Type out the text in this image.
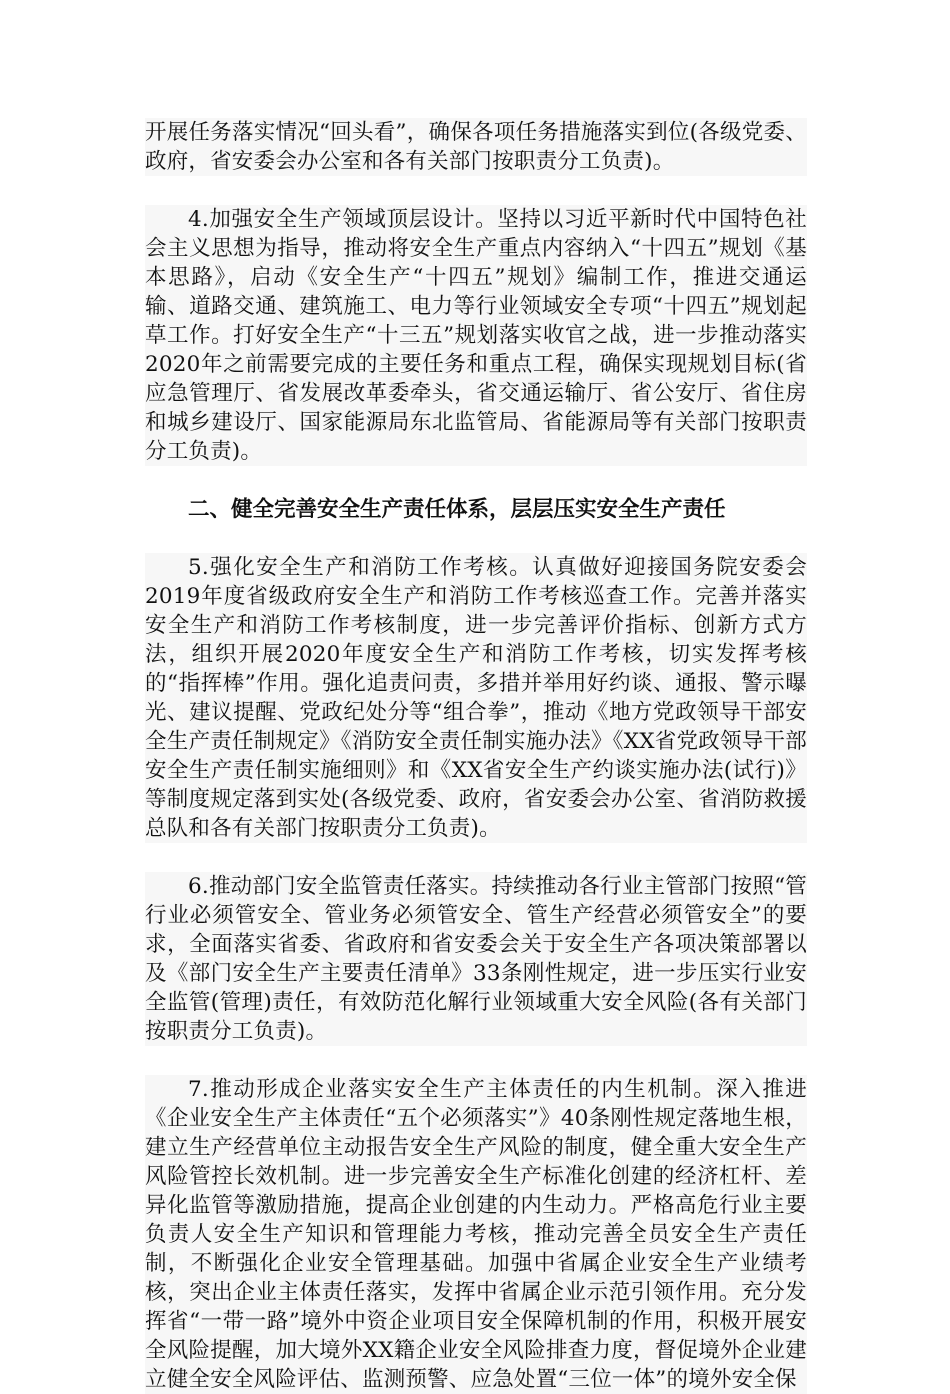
开展任务落实情况“回头看”，确保各项任务措施落实到位(各级党委、政府，省安委会办公室和各有关部门按职责分工负责)。

4.加强安全生产领域顶层设计。坚持以习近平新时代中国特色社会主义思想为指导，推动将安全生产重点内容纳入“十四五”规划《基本思路》，启动《安全生产“十四五”规划》编制工作，推进交通运输、道路交通、建筑施工、电力等行业领域安全专项“十四五”规划起草工作。打好安全生产“十三五”规划落实收官之战，进一步推动落实2020年之前需要完成的主要任务和重点工程，确保实现规划目标(省应急管理厅、省发展改革委牵头，省交通运输厅、省公安厅、省住房和城乡建设厅、国家能源局东北监管局、省能源局等有关部门按职责分工负责)。

二、健全完善安全生产责任体系，层层压实安全生产责任

5.强化安全生产和消防工作考核。认真做好迎接国务院安委会2019年度省级政府安全生产和消防工作考核巡查工作。完善并落实安全生产和消防工作考核制度，进一步完善评价指标、创新方式方法，组织开展2020年度安全生产和消防工作考核，切实发挥考核的“指挥棒”作用。强化追责问责，多措并举用好约谈、通报、警示曝光、建议提醒、党政纪处分等“组合拳”，推动《地方党政领导干部安全生产责任制规定》《消防安全责任制实施办法》《XX省党政领导干部安全生产责任制实施细则》和《XX省安全生产约谈实施办法(试行)》等制度规定落到实处(各级党委、政府，省安委会办公室、省消防救援总队和各有关部门按职责分工负责)。

6.推动部门安全监管责任落实。持续推动各行业主管部门按照“管行业必须管安全、管业务必须管安全、管生产经营必须管安全”的要求，全面落实省委、省政府和省安委会关于安全生产各项决策部署以及《部门安全生产主要责任清单》33条刚性规定，进一步压实行业安全监管(管理)责任，有效防范化解行业领域重大安全风险(各有关部门按职责分工负责)。

7.推动形成企业落实安全生产主体责任的内生机制。深入推进《企业安全生产主体责任“五个必须落实”》40条刚性规定落地生根，建立生产经营单位主动报告安全生产风险的制度，健全重大安全生产风险管控长效机制。进一步完善安全生产标准化创建的经济杠杆、差异化监管等激励措施，提高企业创建的内生动力。严格高危行业主要负责人安全生产知识和管理能力考核，推动完善全员安全生产责任制，不断强化企业安全管理基础。加强中省属企业安全生产业绩考核，突出企业主体责任落实，发挥中省属企业示范引领作用。充分发挥省“一带一路”境外中资企业项目安全保障机制的作用，积极开展安全风险提醒，加大境外XX籍企业安全风险排查力度，督促境外企业建立健全安全风险评估、监测预警、应急处置“三位一体”的境外安全保
